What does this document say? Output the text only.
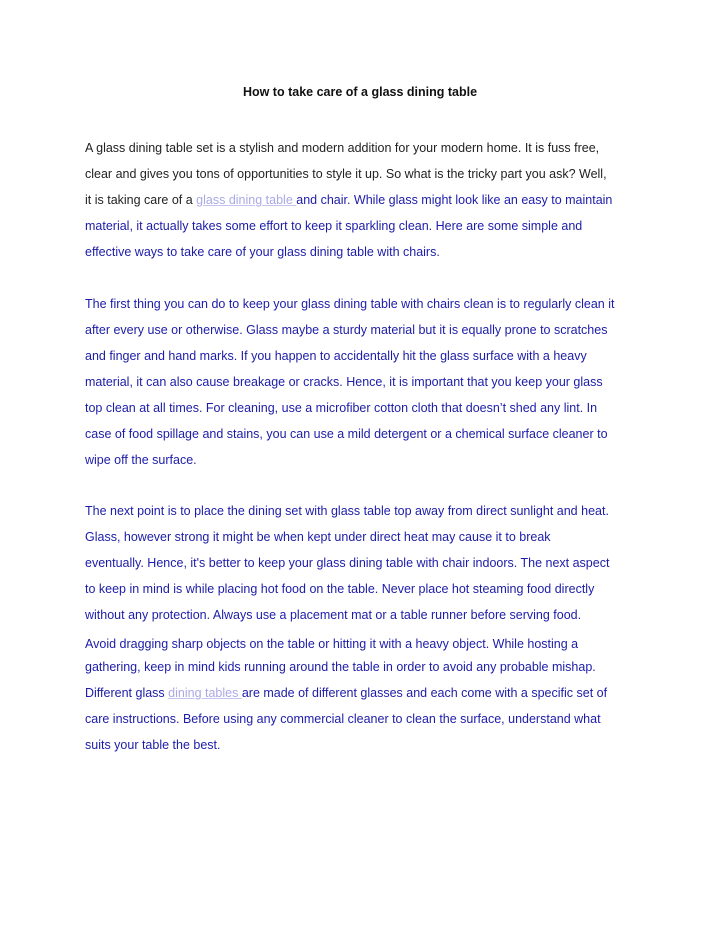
How to take care of a glass dining table
A glass dining table set is a stylish and modern addition for your modern home. It is fuss free,
clear and gives you tons of opportunities to style it up. So what is the tricky part you ask? Well,
it is taking care of a glass dining table and chair. While glass might look like an easy to maintain
material, it actually takes some effort to keep it sparkling clean. Here are some simple and
effective ways to take care of your glass dining table with chairs.
The first thing you can do to keep your glass dining table with chairs clean is to regularly clean it
after every use or otherwise. Glass maybe a sturdy material but it is equally prone to scratches
and finger and hand marks. If you happen to accidentally hit the glass surface with a heavy
material, it can also cause breakage or cracks. Hence, it is important that you keep your glass
top clean at all times. For cleaning, use a microfiber cotton cloth that doesn’t shed any lint. In
case of food spillage and stains, you can use a mild detergent or a chemical surface cleaner to
wipe off the surface.
The next point is to place the dining set with glass table top away from direct sunlight and heat.
Glass, however strong it might be when kept under direct heat may cause it to break
eventually. Hence, it's better to keep your glass dining table with chair indoors. The next aspect
to keep in mind is while placing hot food on the table. Never place hot steaming food directly
without any protection. Always use a placement mat or a table runner before serving food.
Avoid dragging sharp objects on the table or hitting it with a heavy object. While hosting a
gathering, keep in mind kids running around the table in order to avoid any probable mishap.
Different glass dining tables are made of different glasses and each come with a specific set of
care instructions. Before using any commercial cleaner to clean the surface, understand what
suits your table the best.
